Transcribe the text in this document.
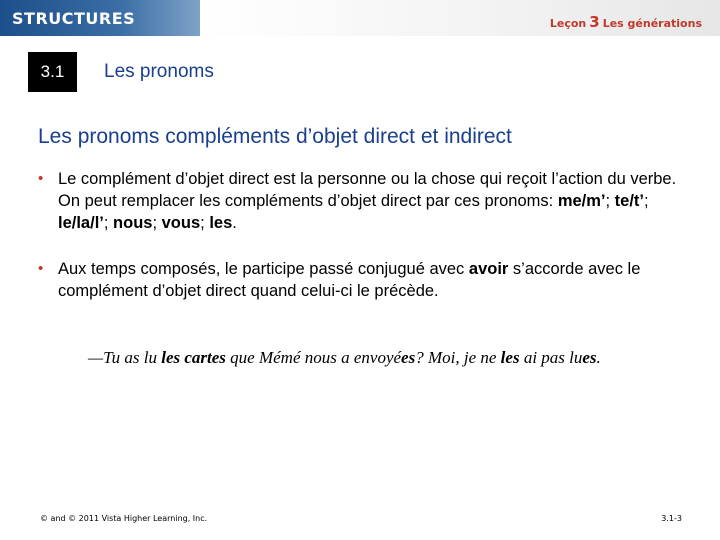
STRUCTURES	Leçon 3 Les générations
3.1	Les pronoms
Les pronoms compléments d’objet direct et indirect
• Le complément d’objet direct est la personne ou la chose qui reçoit l’action du verbe. On peut remplacer les compléments d’objet direct par ces pronoms: me/m’; te/t’; le/la/l’; nous; vous; les.
• Aux temps composés, le participe passé conjugué avec avoir s’accorde avec le complément d’objet direct quand celui-ci le précède.
—Tu as lu les cartes que Mémé nous a envoyées? Moi, je ne les ai pas lues.
© and © 2011 Vista Higher Learning, Inc.	3.1-3
